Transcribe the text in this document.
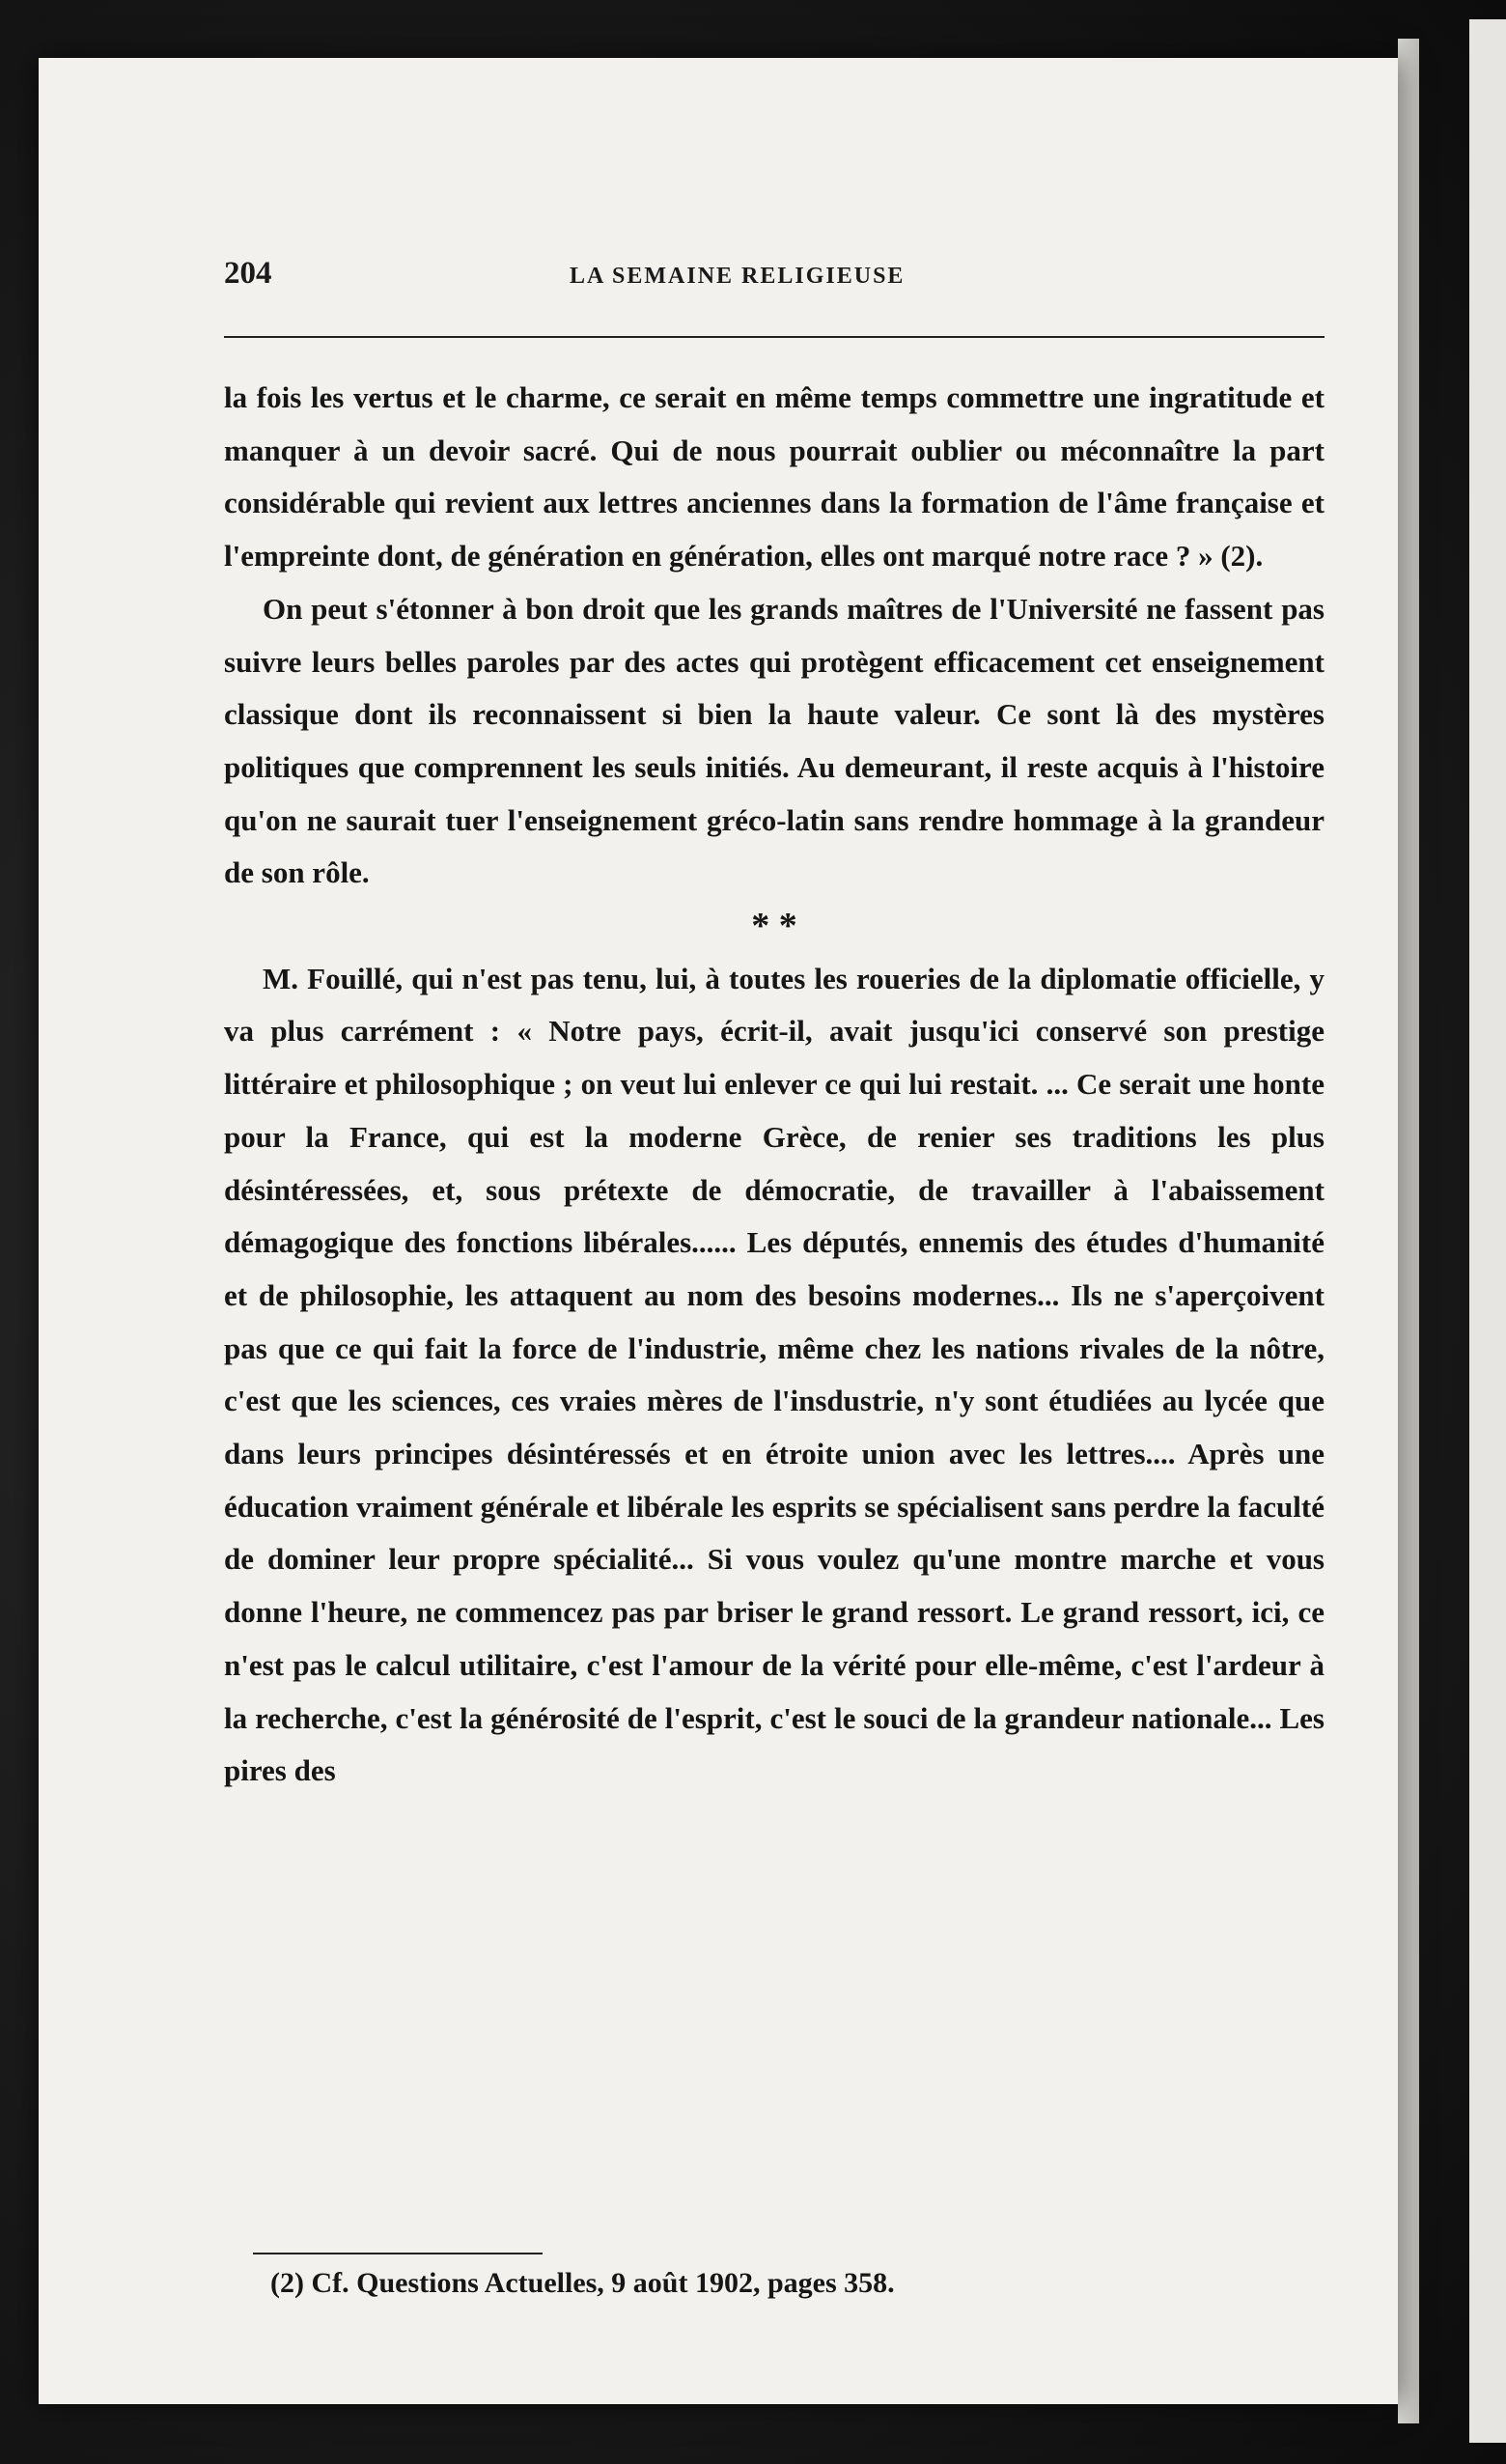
204	LA SEMAINE RELIGIEUSE

la fois les vertus et le charme, ce serait en même temps commettre une ingratitude et manquer à un devoir sacré. Qui de nous pourrait oublier ou méconnaître la part considérable qui revient aux lettres anciennes dans la formation de l'âme française et l'empreinte dont, de génération en génération, elles ont marqué notre race ? » (2).

On peut s'étonner à bon droit que les grands maîtres de l'Université ne fassent pas suivre leurs belles paroles par des actes qui protègent efficacement cet enseignement classique dont ils reconnaissent si bien la haute valeur. Ce sont là des mystères politiques que comprennent les seuls initiés. Au demeurant, il reste acquis à l'histoire qu'on ne saurait tuer l'enseignement gréco-latin sans rendre hommage à la grandeur de son rôle.

* *

M. Fouillé, qui n'est pas tenu, lui, à toutes les roueries de la diplomatie officielle, y va plus carrément : « Notre pays, écrit-il, avait jusqu'ici conservé son prestige littéraire et philosophique ; on veut lui enlever ce qui lui restait. ... Ce serait une honte pour la France, qui est la moderne Grèce, de renier ses traditions les plus désintéressées, et, sous prétexte de démocratie, de travailler à l'abaissement démagogique des fonctions libérales...... Les députés, ennemis des études d'humanité et de philosophie, les attaquent au nom des besoins modernes... Ils ne s'aperçoivent pas que ce qui fait la force de l'industrie, même chez les nations rivales de la nôtre, c'est que les sciences, ces vraies mères de l'insdustrie, n'y sont étudiées au lycée que dans leurs principes désintéressés et en étroite union avec les lettres.... Après une éducation vraiment générale et libérale les esprits se spécialisent sans perdre la faculté de dominer leur propre spécialité... Si vous voulez qu'une montre marche et vous donne l'heure, ne commencez pas par briser le grand ressort. Le grand ressort, ici, ce n'est pas le calcul utilitaire, c'est l'amour de la vérité pour elle-même, c'est l'ardeur à la recherche, c'est la générosité de l'esprit, c'est le souci de la grandeur nationale... Les pires des

(2) Cf. Questions Actuelles, 9 août 1902, pages 358.
